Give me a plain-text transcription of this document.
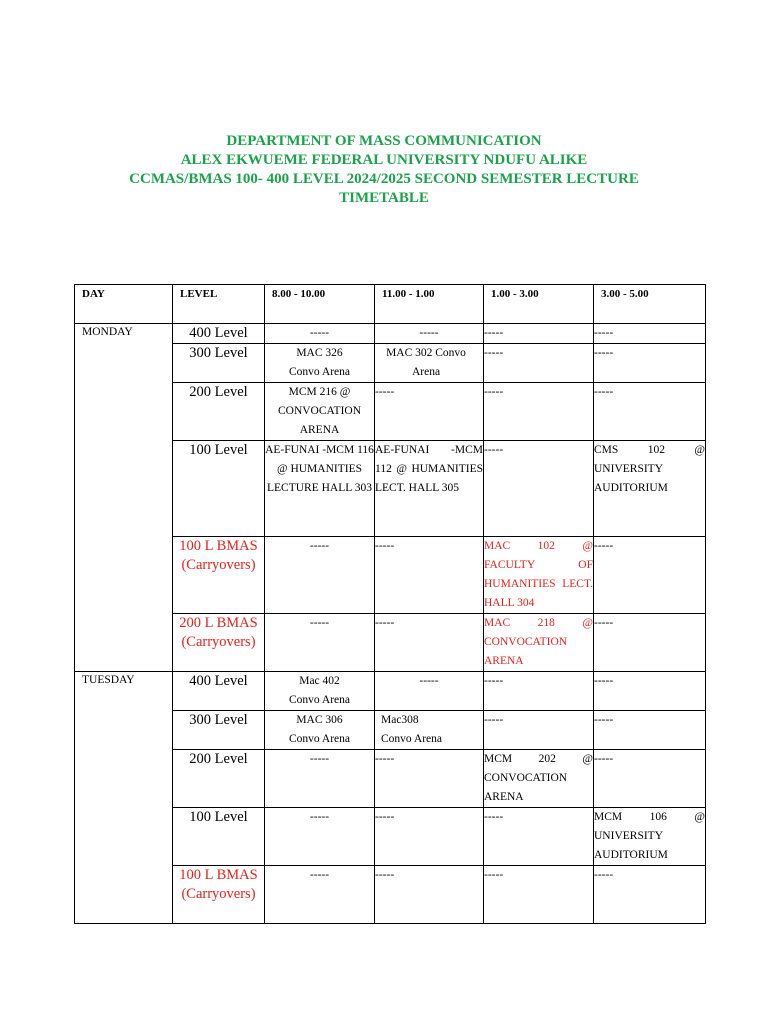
DEPARTMENT OF MASS COMMUNICATION
ALEX EKWUEME FEDERAL UNIVERSITY NDUFU ALIKE
CCMAS/BMAS 100- 400 LEVEL 2024/2025 SECOND SEMESTER LECTURE
TIMETABLE
DAY	LEVEL	8.00 - 10.00	11.00 - 1.00	1.00 - 3.00	3.00 - 5.00
MONDAY	400 Level	-----	-----	-----	-----
	300 Level	MAC 326 Convo Arena	MAC 302 Convo Arena	-----	-----
	200 Level	MCM 216 @ CONVOCATION ARENA	-----	-----	-----
	100 Level	AE-FUNAI -MCM 116 @ HUMANITIES LECTURE HALL 303	AE-FUNAI -MCM 112 @ HUMANITIES LECT. HALL 305	-----	CMS 102 @ UNIVERSITY AUDITORIUM
	100 L BMAS (Carryovers)	-----	-----	MAC 102 @ FACULTY OF HUMANITIES LECT. HALL 304	-----
	200 L BMAS (Carryovers)	-----	-----	MAC 218 @ CONVOCATION ARENA	-----
TUESDAY	400 Level	Mac 402 Convo Arena	-----	-----	-----
	300 Level	MAC 306 Convo Arena	Mac308 Convo Arena	-----	-----
	200 Level	-----	-----	MCM 202 @ CONVOCATION ARENA	-----
	100 Level	-----	-----	-----	MCM 106 @ UNIVERSITY AUDITORIUM
	100 L BMAS (Carryovers)	-----	-----	-----	-----
